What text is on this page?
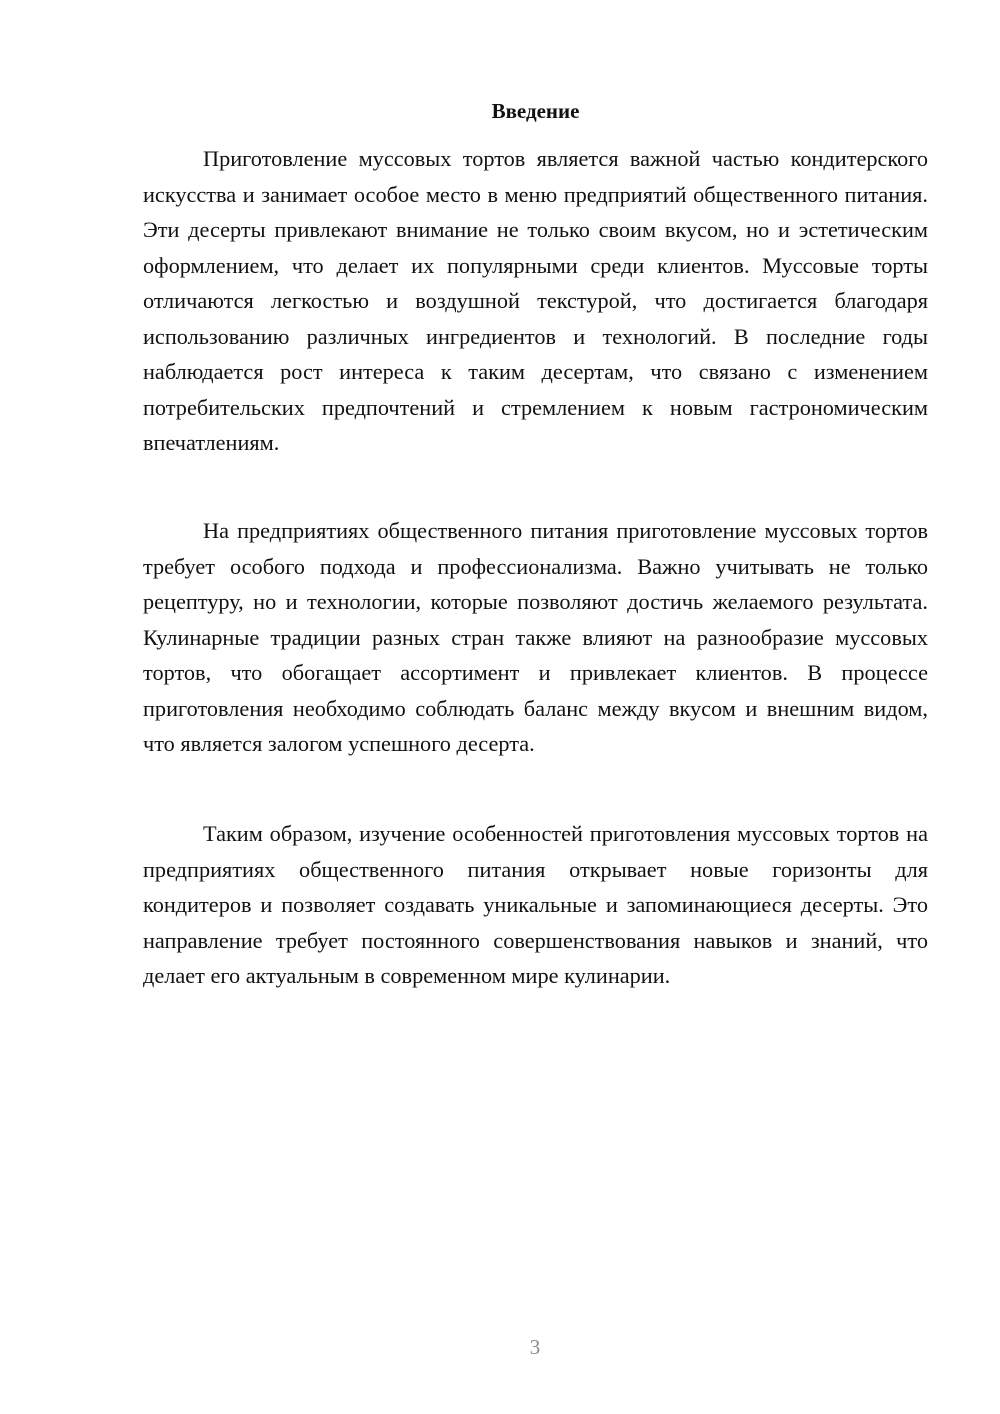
Введение

Приготовление муссовых тортов является важной частью кондитерского искусства и занимает особое место в меню предприятий общественного питания. Эти десерты привлекают внимание не только своим вкусом, но и эстетическим оформлением, что делает их популярными среди клиентов. Муссовые торты отличаются легкостью и воздушной текстурой, что достигается благодаря использованию различных ингредиентов и технологий. В последние годы наблюдается рост интереса к таким десертам, что связано с изменением потребительских предпочтений и стремлением к новым гастрономическим впечатлениям.

На предприятиях общественного питания приготовление муссовых тортов требует особого подхода и профессионализма. Важно учитывать не только рецептуру, но и технологии, которые позволяют достичь желаемого результата. Кулинарные традиции разных стран также влияют на разнообразие муссовых тортов, что обогащает ассортимент и привлекает клиентов. В процессе приготовления необходимо соблюдать баланс между вкусом и внешним видом, что является залогом успешного десерта.

Таким образом, изучение особенностей приготовления муссовых тортов на предприятиях общественного питания открывает новые горизонты для кондитеров и позволяет создавать уникальные и запоминающиеся десерты. Это направление требует постоянного совершенствования навыков и знаний, что делает его актуальным в современном мире кулинарии.

3
